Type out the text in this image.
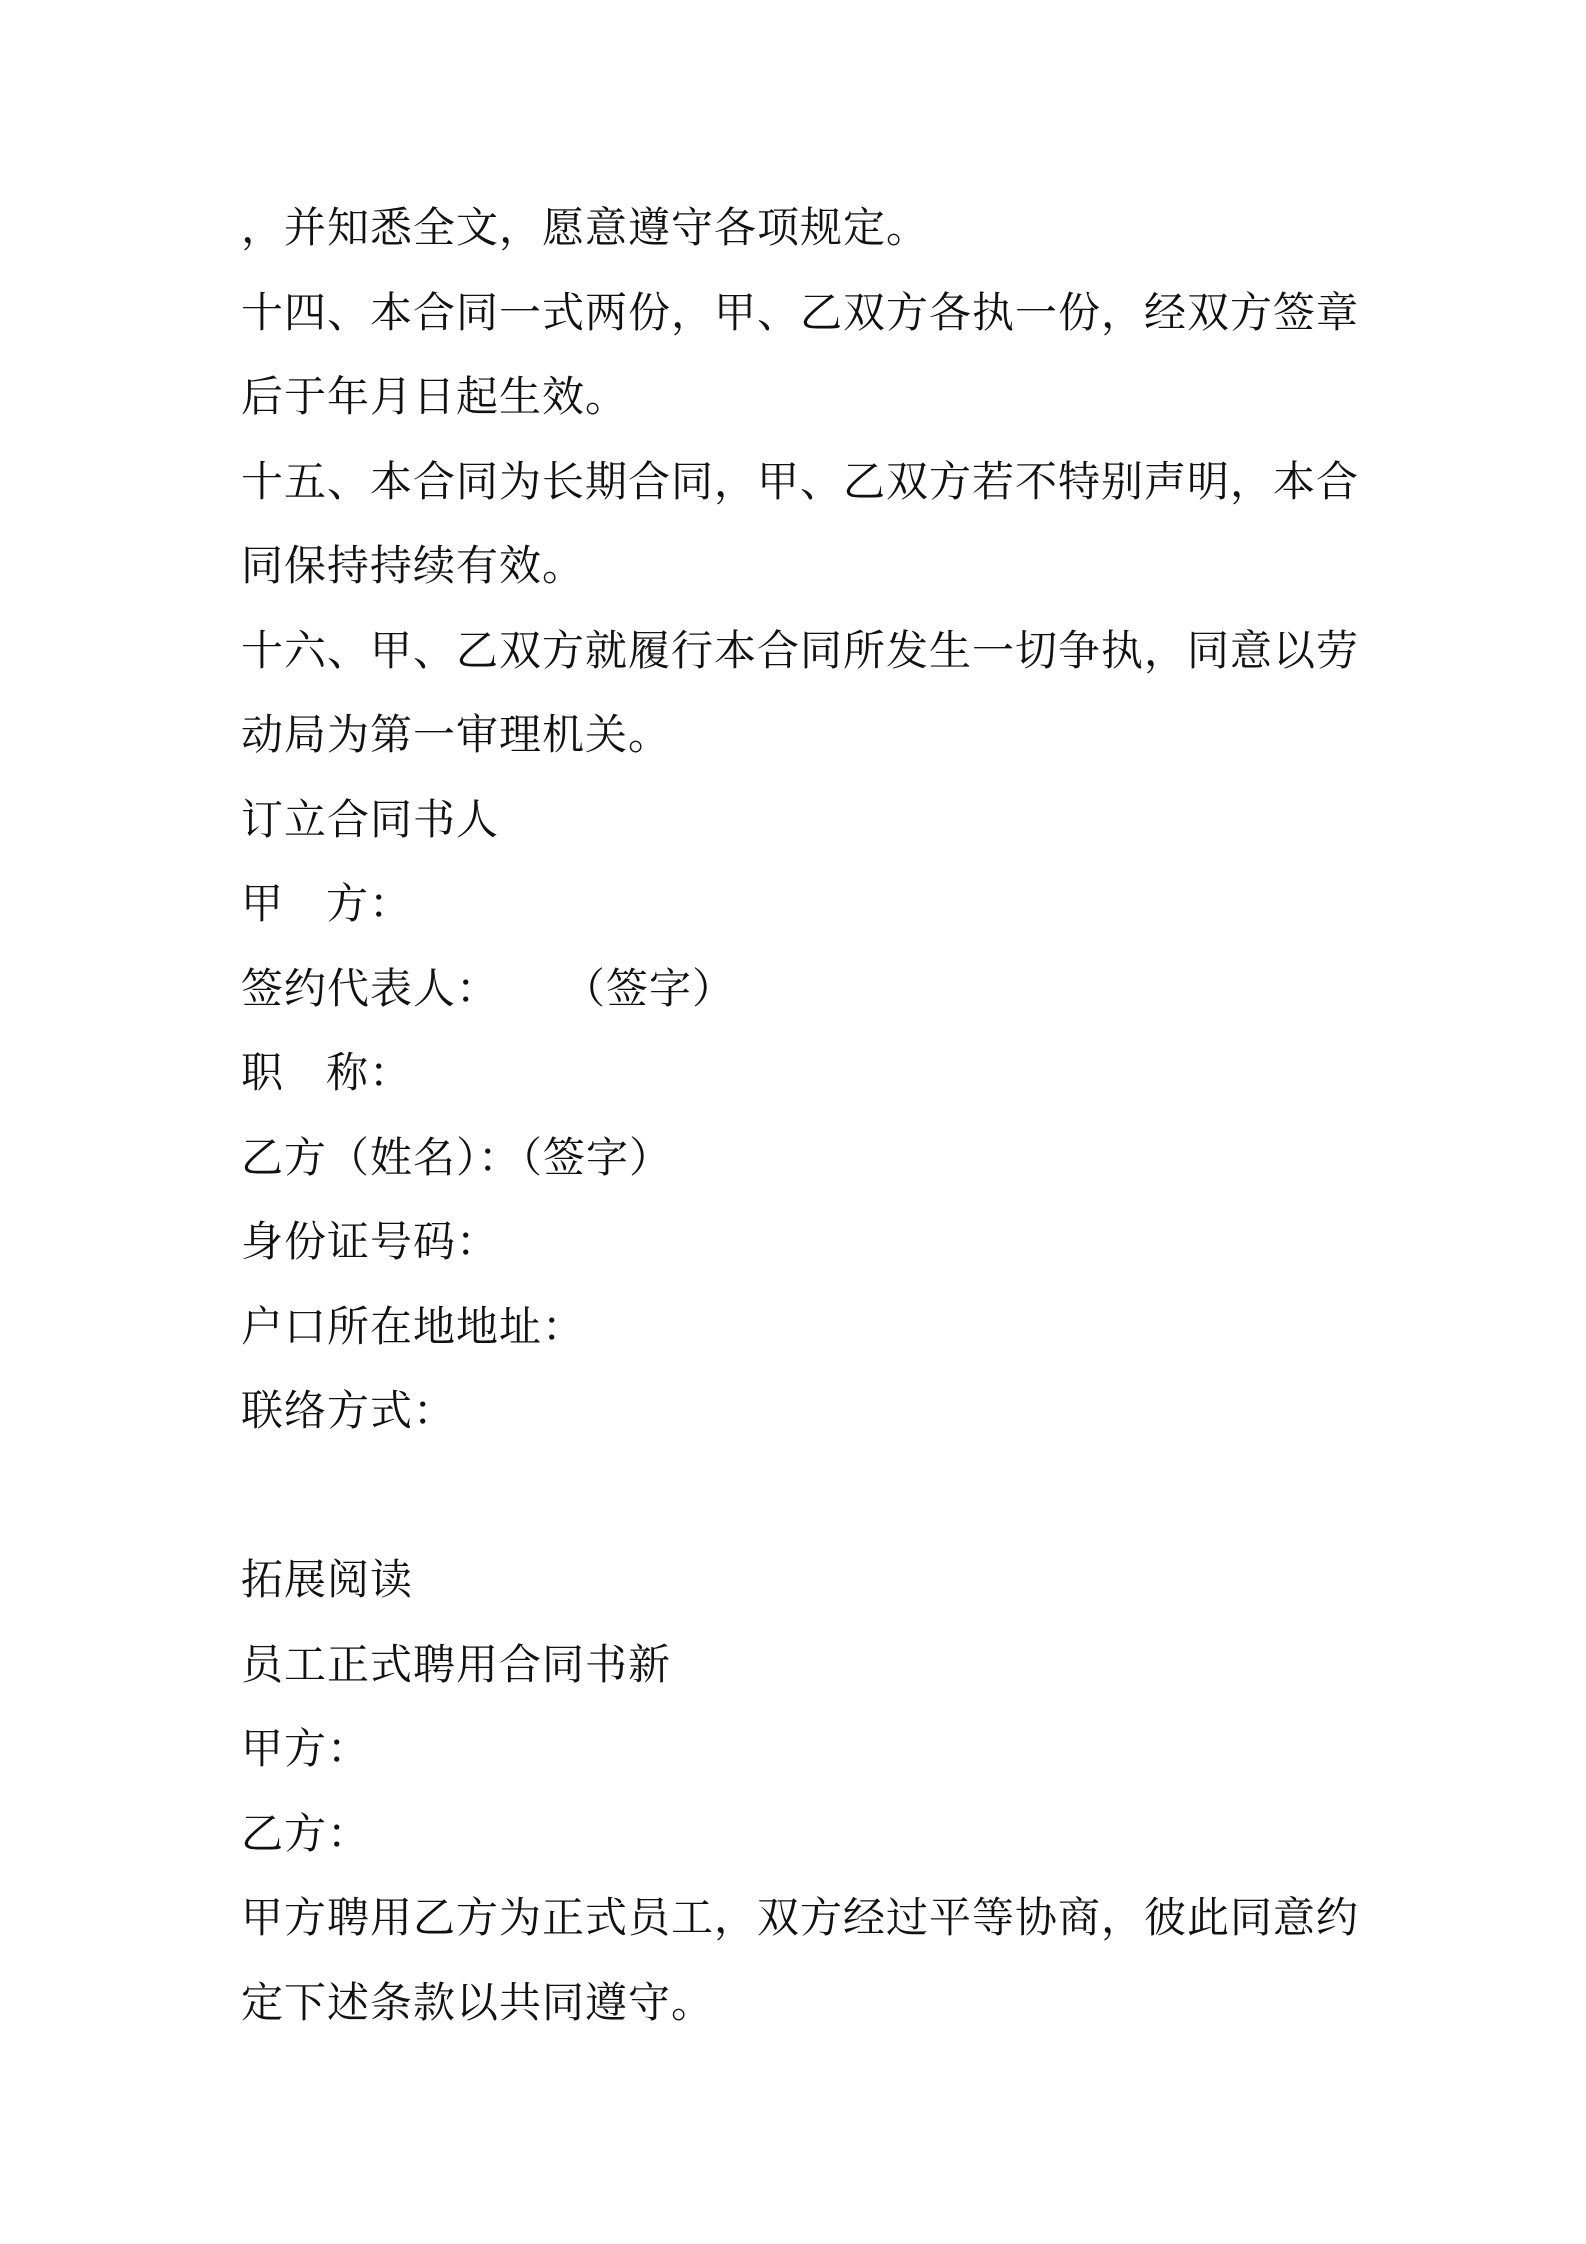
，并知悉全文，愿意遵守各项规定。
十四、本合同一式两份，甲、乙双方各执一份，经双方签章
后于年月日起生效。
十五、本合同为长期合同，甲、乙双方若不特别声明，本合
同保持持续有效。
十六、甲、乙双方就履行本合同所发生一切争执，同意以劳
动局为第一审理机关。
订立合同书人
甲 方：
签约代表人： （签字）
职 称：
乙方（姓名）：（签字）
身份证号码：
户口所在地地址：
联络方式：
拓展阅读
员工正式聘用合同书新
甲方：
乙方：
甲方聘用乙方为正式员工，双方经过平等协商，彼此同意约
定下述条款以共同遵守。
